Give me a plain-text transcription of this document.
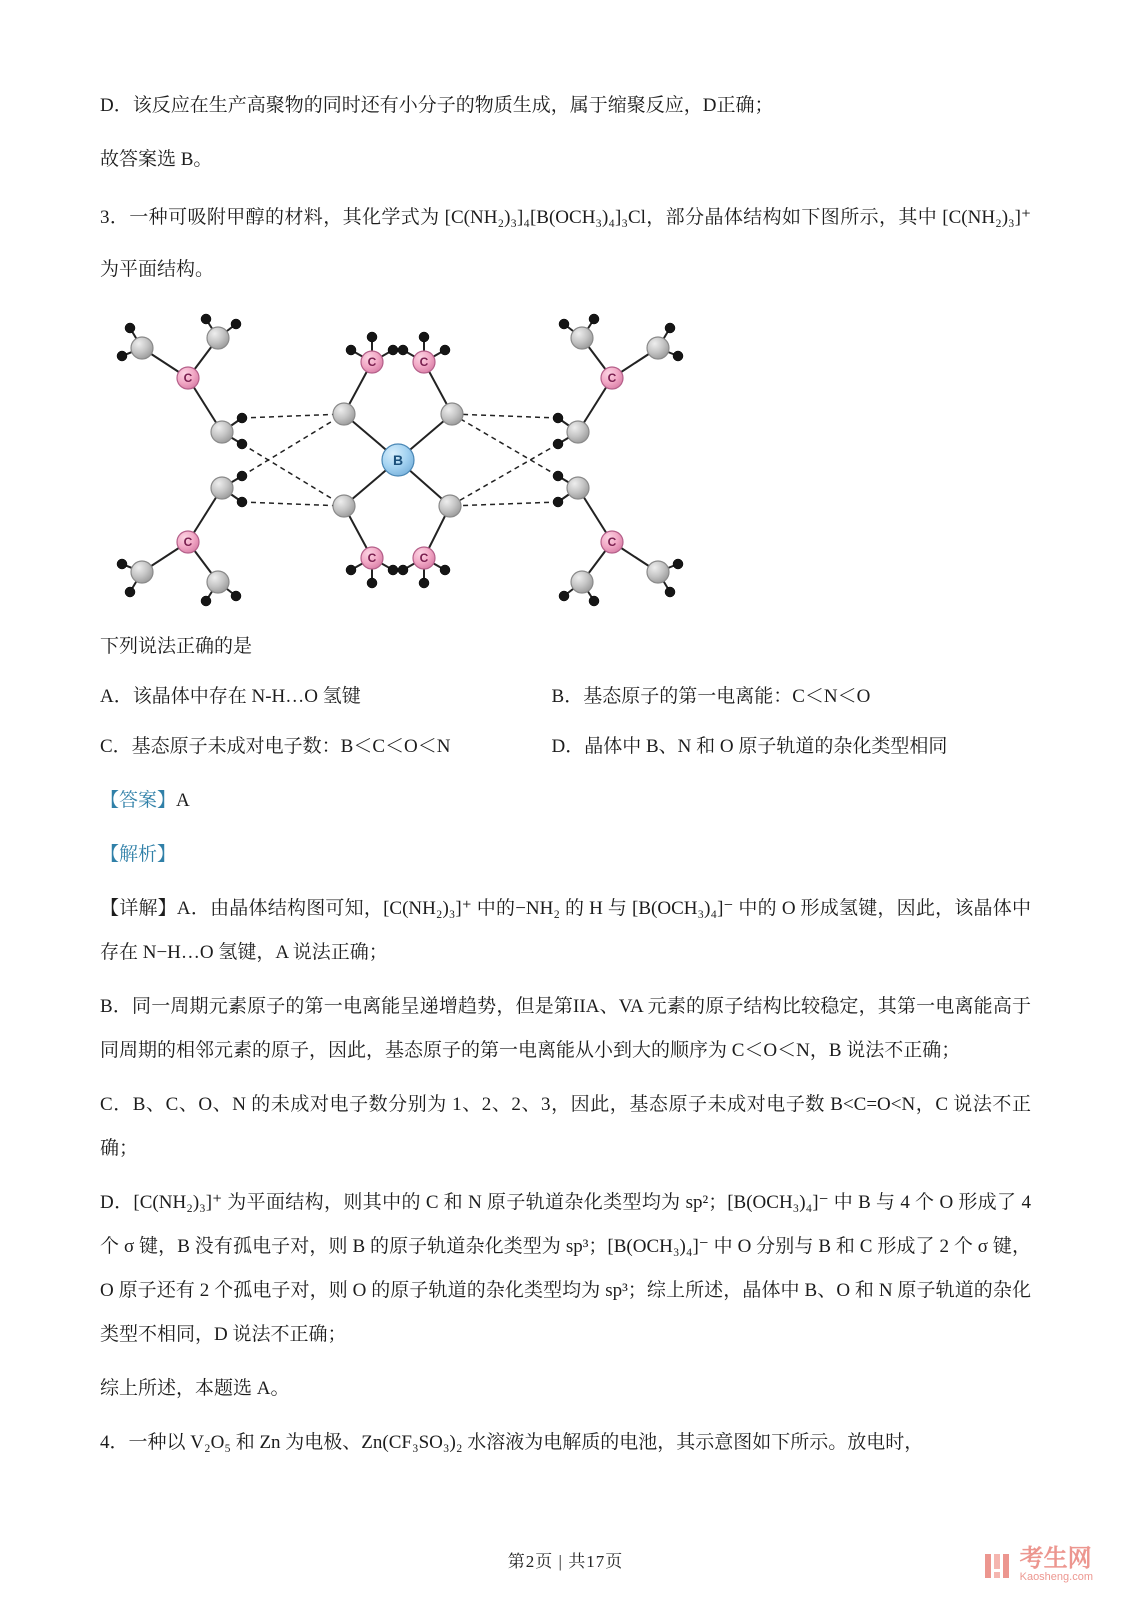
D．该反应在生产高聚物的同时还有小分子的物质生成，属于缩聚反应，D正确；

故答案选 B。

3．一种可吸附甲醇的材料，其化学式为 [C(NH₂)₃]₄[B(OCH₃)₄]₃Cl，部分晶体结构如下图所示，其中 [C(NH₂)₃]⁺ 为平面结构。

B
C	C
C	C
C
C
C
C

下列说法正确的是

A．该晶体中存在 N-H…O 氢键	B．基态原子的第一电离能：C＜N＜O
C．基态原子未成对电子数：B＜C＜O＜N	D．晶体中 B、N 和 O 原子轨道的杂化类型相同

【答案】A

【解析】

【详解】A．由晶体结构图可知，[C(NH₂)₃]⁺ 中的−NH₂ 的 H 与 [B(OCH₃)₄]⁻ 中的 O 形成氢键，因此，该晶体中存在 N−H…O 氢键，A 说法正确；

B．同一周期元素原子的第一电离能呈递增趋势，但是第IIA、VA 元素的原子结构比较稳定，其第一电离能高于同周期的相邻元素的原子，因此，基态原子的第一电离能从小到大的顺序为 C＜O＜N，B 说法不正确；

C．B、C、O、N 的未成对电子数分别为 1、2、2、3，因此，基态原子未成对电子数 B<C=O<N，C 说法不正确；

D．[C(NH₂)₃]⁺ 为平面结构，则其中的 C 和 N 原子轨道杂化类型均为 sp²；[B(OCH₃)₄]⁻ 中 B 与 4 个 O 形成了 4 个 σ 键，B 没有孤电子对，则 B 的原子轨道杂化类型为 sp³；[B(OCH₃)₄]⁻ 中 O 分别与 B 和 C 形成了 2 个 σ 键，O 原子还有 2 个孤电子对，则 O 的原子轨道的杂化类型均为 sp³；综上所述，晶体中 B、O 和 N 原子轨道的杂化类型不相同，D 说法不正确；

综上所述，本题选 A。

4．一种以 V₂O₅ 和 Zn 为电极、Zn(CF₃SO₃)₂ 水溶液为电解质的电池，其示意图如下所示。放电时，

第2页 | 共17页	考生网
Kaosheng.com
